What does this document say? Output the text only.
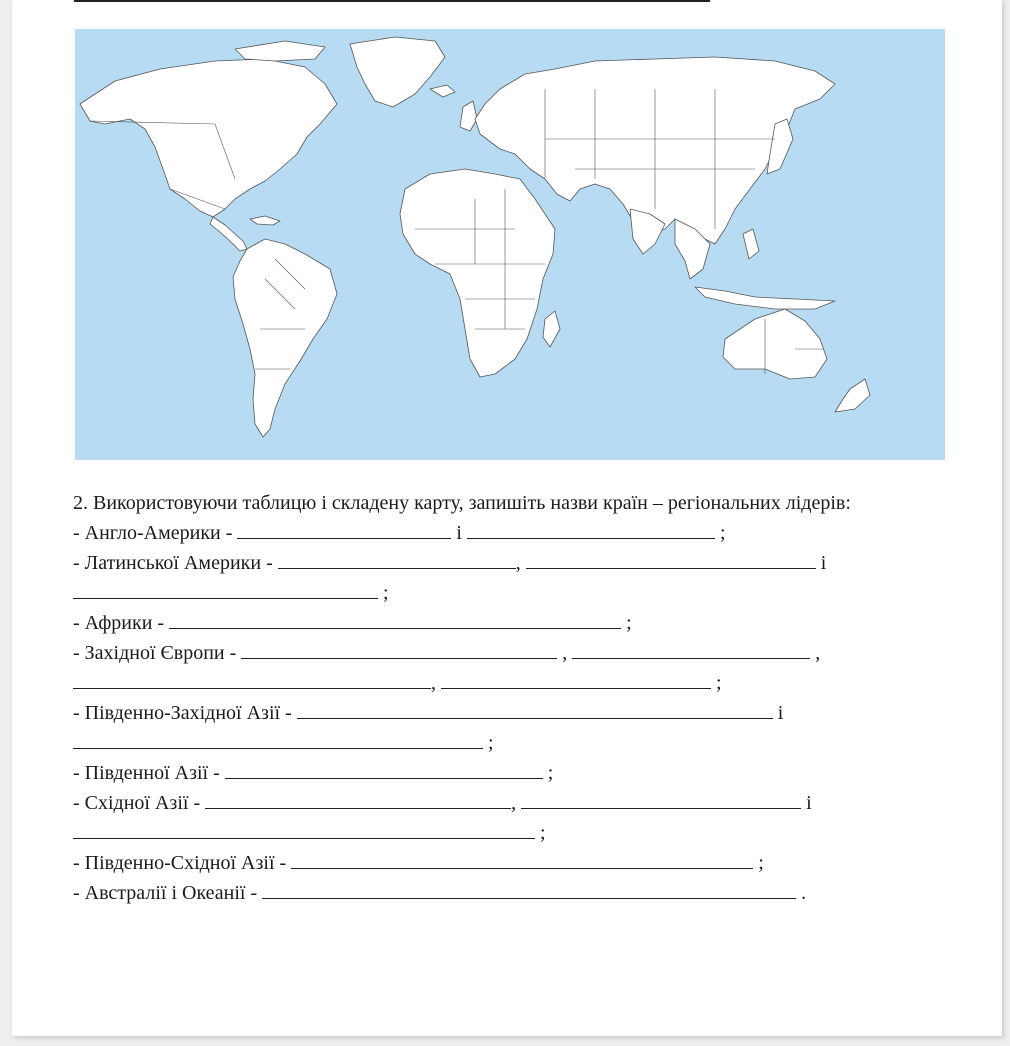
2. Використовуючи таблицю і складену карту, запишіть назви країн – регіональних лідерів:
- Англо-Америки -	і	;
- Латинської Америки -	,	і
;
- Африки -	;
- Західної Європи -	,	,
,	;
- Південно-Західної Азії -	і
;
- Південної Азії -	;
- Східної Азії -	,	і
;
- Південно-Східної Азії -	;
- Австралії і Океанії -	.
